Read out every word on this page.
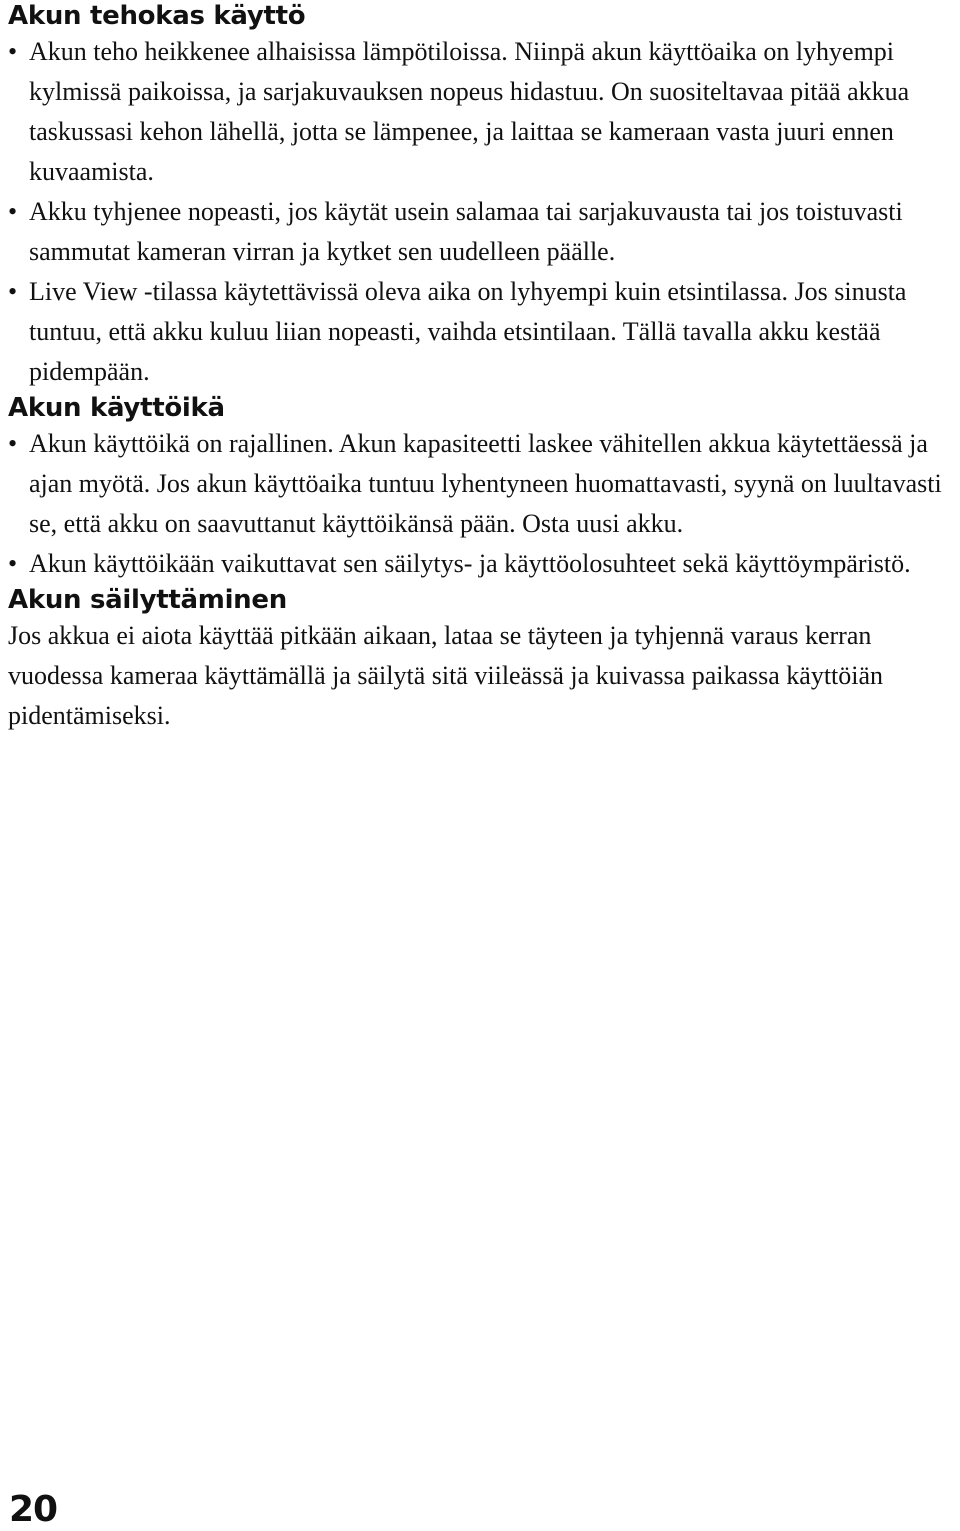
Akun tehokas käyttö
• Akun teho heikkenee alhaisissa lämpötiloissa. Niinpä akun käyttöaika on lyhyempi kylmissä paikoissa, ja sarjakuvauksen nopeus hidastuu. On suositeltavaa pitää akkua taskussasi kehon lähellä, jotta se lämpenee, ja laittaa se kameraan vasta juuri ennen kuvaamista.
• Akku tyhjenee nopeasti, jos käytät usein salamaa tai sarjakuvausta tai jos toistuvasti sammutat kameran virran ja kytket sen uudelleen päälle.
• Live View -tilassa käytettävissä oleva aika on lyhyempi kuin etsintilassa. Jos sinusta tuntuu, että akku kuluu liian nopeasti, vaihda etsintilaan. Tällä tavalla akku kestää pidempään.
Akun käyttöikä
• Akun käyttöikä on rajallinen. Akun kapasiteetti laskee vähitellen akkua käytettäessä ja ajan myötä. Jos akun käyttöaika tuntuu lyhentyneen huomattavasti, syynä on luultavasti se, että akku on saavuttanut käyttöikänsä pään. Osta uusi akku.
• Akun käyttöikään vaikuttavat sen säilytys- ja käyttöolosuhteet sekä käyttöympäristö.
Akun säilyttäminen

Jos akkua ei aiota käyttää pitkään aikaan, lataa se täyteen ja tyhjennä varaus kerran vuodessa kameraa käyttämällä ja säilytä sitä viileässä ja kuivassa paikassa käyttöiän pidentämiseksi.

20
